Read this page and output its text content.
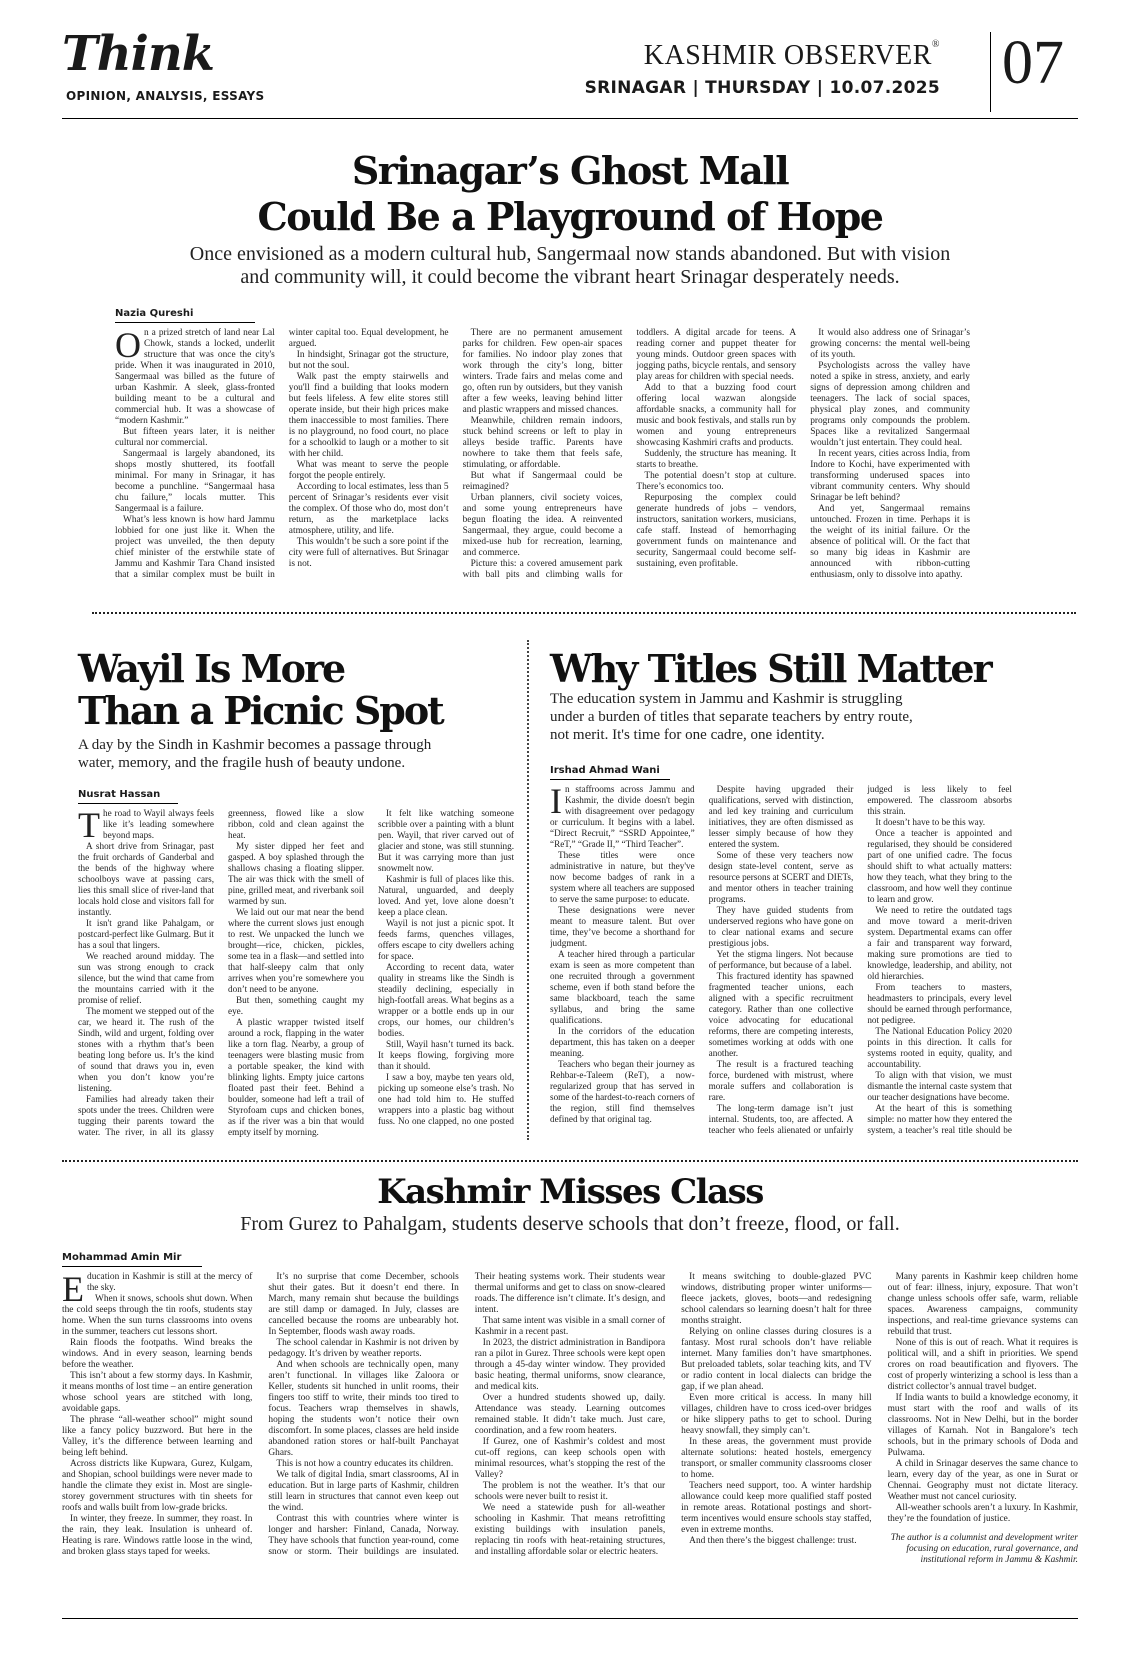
Think
OPINION, ANALYSIS, ESSAYS
KASHMIR OBSERVER®
SRINAGAR | THURSDAY | 10.07.2025 07
Srinagar’s Ghost Mall
Could Be a Playground of Hope
Once envisioned as a modern cultural hub, Sangermaal now stands abandoned. But with vision
and community will, it could become the vibrant heart Srinagar desperately needs.
Nazia Qureshi

On a prized stretch of land near Lal Chowk, stands a locked, underlit structure that was once the city's pride. When it was inaugurated in 2010, Sangermaal was billed as the future of urban Kashmir. A sleek, glass-fronted building meant to be a cultural and commercial hub. It was a showcase of “modern Kashmir.”

But fifteen years later, it is neither cultural nor commercial.

Sangermaal is largely abandoned, its shops mostly shuttered, its footfall minimal. For many in Srinagar, it has become a punchline. “Sangermaal hasa chu failure,” locals mutter. This Sangermaal is a failure.

What’s less known is how hard Jammu lobbied for one just like it. When the project was unveiled, the then deputy chief minister of the erstwhile state of Jammu and Kashmir Tara Chand insisted that a similar complex must be built in winter capital too. Equal development, he argued.

In hindsight, Srinagar got the structure, but not the soul.

Walk past the empty stairwells and you'll find a building that looks modern but feels lifeless. A few elite stores still operate inside, but their high prices make them inaccessible to most families. There is no playground, no food court, no place for a schoolkid to laugh or a mother to sit with her child.

What was meant to serve the people forgot the people entirely.

According to local estimates, less than 5 percent of Srinagar’s residents ever visit the complex. Of those who do, most don’t return, as the marketplace lacks atmosphere, utility, and life.

This wouldn’t be such a sore point if the city were full of alternatives. But Srinagar is not.

There are no permanent amusement parks for children. Few open-air spaces for families. No indoor play zones that work through the city’s long, bitter winters. Trade fairs and melas come and go, often run by outsiders, but they vanish after a few weeks, leaving behind litter and plastic wrappers and missed chances.

Meanwhile, children remain indoors, stuck behind screens or left to play in alleys beside traffic. Parents have nowhere to take them that feels safe, stimulating, or affordable.

But what if Sangermaal could be reimagined?

Urban planners, civil society voices, and some young entrepreneurs have begun floating the idea. A reinvented Sangermaal, they argue, could become a mixed-use hub for recreation, learning, and commerce.

Picture this: a covered amusement park with ball pits and climbing walls for toddlers. A digital arcade for teens. A reading corner and puppet theater for young minds. Outdoor green spaces with jogging paths, bicycle rentals, and sensory play areas for children with special needs.

Add to that a buzzing food court offering local wazwan alongside affordable snacks, a community hall for music and book festivals, and stalls run by women and young entrepreneurs showcasing Kashmiri crafts and products.

Suddenly, the structure has meaning. It starts to breathe.

The potential doesn’t stop at culture. There’s economics too.

Repurposing the complex could generate hundreds of jobs – vendors, instructors, sanitation workers, musicians, cafe staff. Instead of hemorrhaging government funds on maintenance and security, Sangermaal could become self-sustaining, even profitable.

It would also address one of Srinagar’s growing concerns: the mental well-being of its youth.

Psychologists across the valley have noted a spike in stress, anxiety, and early signs of depression among children and teenagers. The lack of social spaces, physical play zones, and community programs only compounds the problem. Spaces like a revitalized Sangermaal wouldn’t just entertain. They could heal.

In recent years, cities across India, from Indore to Kochi, have experimented with transforming underused spaces into vibrant community centers. Why should Srinagar be left behind?

And yet, Sangermaal remains untouched. Frozen in time. Perhaps it is the weight of its initial failure. Or the absence of political will. Or the fact that so many big ideas in Kashmir are announced with ribbon-cutting enthusiasm, only to dissolve into apathy.

Wayil Is More
Than a Picnic Spot
A day by the Sindh in Kashmir becomes a passage through
water, memory, and the fragile hush of beauty undone.
Nusrat Hassan

The road to Wayil always feels like it’s leading somewhere beyond maps.

A short drive from Srinagar, past the fruit orchards of Ganderbal and the bends of the highway where schoolboys wave at passing cars, lies this small slice of river-land that locals hold close and visitors fall for instantly.

It isn't grand like Pahalgam, or postcard-perfect like Gulmarg. But it has a soul that lingers.

We reached around midday. The sun was strong enough to crack silence, but the wind that came from the mountains carried with it the promise of relief.

The moment we stepped out of the car, we heard it. The rush of the Sindh, wild and urgent, folding over stones with a rhythm that’s been beating long before us. It’s the kind of sound that draws you in, even when you don’t know you’re listening.

Families had already taken their spots under the trees. Children were tugging their parents toward the water. The river, in all its glassy greenness, flowed like a slow ribbon, cold and clean against the heat.

My sister dipped her feet and gasped. A boy splashed through the shallows chasing a floating slipper. The air was thick with the smell of pine, grilled meat, and riverbank soil warmed by sun.

We laid out our mat near the bend where the current slows just enough to rest. We unpacked the lunch we brought—rice, chicken, pickles, some tea in a flask—and settled into that half-sleepy calm that only arrives when you’re somewhere you don’t need to be anyone.

But then, something caught my eye.

A plastic wrapper twisted itself around a rock, flapping in the water like a torn flag. Nearby, a group of teenagers were blasting music from a portable speaker, the kind with blinking lights. Empty juice cartons floated past their feet. Behind a boulder, someone had left a trail of Styrofoam cups and chicken bones, as if the river was a bin that would empty itself by morning.

It felt like watching someone scribble over a painting with a blunt pen. Wayil, that river carved out of glacier and stone, was still stunning. But it was carrying more than just snowmelt now.

Kashmir is full of places like this. Natural, unguarded, and deeply loved. And yet, love alone doesn’t keep a place clean.

Wayil is not just a picnic spot. It feeds farms, quenches villages, offers escape to city dwellers aching for space.

According to recent data, water quality in streams like the Sindh is steadily declining, especially in high-footfall areas. What begins as a wrapper or a bottle ends up in our crops, our homes, our children’s bodies.

Still, Wayil hasn’t turned its back. It keeps flowing, forgiving more than it should.

I saw a boy, maybe ten years old, picking up someone else’s trash. No one had told him to. He stuffed wrappers into a plastic bag without fuss. No one clapped, no one posted

Why Titles Still Matter
The education system in Jammu and Kashmir is struggling
under a burden of titles that separate teachers by entry route,
not merit. It's time for one cadre, one identity.
Irshad Ahmad Wani

In staffrooms across Jammu and Kashmir, the divide doesn't begin with disagreement over pedagogy or curriculum. It begins with a label. “Direct Recruit,” “SSRD Appointee,” “ReT,” “Grade II,” “Third Teacher”.

These titles were once administrative in nature, but they've now become badges of rank in a system where all teachers are supposed to serve the same purpose: to educate.

These designations were never meant to measure talent. But over time, they’ve become a shorthand for judgment.

A teacher hired through a particular exam is seen as more competent than one recruited through a government scheme, even if both stand before the same blackboard, teach the same syllabus, and bring the same qualifications.

In the corridors of the education department, this has taken on a deeper meaning.

Teachers who began their journey as Rehbar-e-Taleem (ReT), a now-regularized group that has served in some of the hardest-to-reach corners of the region, still find themselves defined by that original tag.

Despite having upgraded their qualifications, served with distinction, and led key training and curriculum initiatives, they are often dismissed as lesser simply because of how they entered the system.

Some of these very teachers now design state-level content, serve as resource persons at SCERT and DIETs, and mentor others in teacher training programs.

They have guided students from underserved regions who have gone on to clear national exams and secure prestigious jobs.

Yet the stigma lingers. Not because of performance, but because of a label.

This fractured identity has spawned fragmented teacher unions, each aligned with a specific recruitment category. Rather than one collective voice advocating for educational reforms, there are competing interests, sometimes working at odds with one another.

The result is a fractured teaching force, burdened with mistrust, where morale suffers and collaboration is rare.

The long-term damage isn’t just internal. Students, too, are affected. A teacher who feels alienated or unfairly judged is less likely to feel empowered. The classroom absorbs this strain.

It doesn’t have to be this way.

Once a teacher is appointed and regularised, they should be considered part of one unified cadre. The focus should shift to what actually matters: how they teach, what they bring to the classroom, and how well they continue to learn and grow.

We need to retire the outdated tags and move toward a merit-driven system. Departmental exams can offer a fair and transparent way forward, making sure promotions are tied to knowledge, leadership, and ability, not old hierarchies.

From teachers to masters, headmasters to principals, every level should be earned through performance, not pedigree.

The National Education Policy 2020 points in this direction. It calls for systems rooted in equity, quality, and accountability.

To align with that vision, we must dismantle the internal caste system that our teacher designations have become.

At the heart of this is something simple: no matter how they entered the system, a teacher’s real title should be

Kashmir Misses Class
From Gurez to Pahalgam, students deserve schools that don’t freeze, flood, or fall.
Mohammad Amin Mir

Education in Kashmir is still at the mercy of the sky.

When it snows, schools shut down. When the cold seeps through the tin roofs, students stay home. When the sun turns classrooms into ovens in the summer, teachers cut lessons short.

Rain floods the footpaths. Wind breaks the windows. And in every season, learning bends before the weather.

This isn’t about a few stormy days. In Kashmir, it means months of lost time – an entire generation whose school years are stitched with long, avoidable gaps.

The phrase “all-weather school” might sound like a fancy policy buzzword. But here in the Valley, it’s the difference between learning and being left behind.

Across districts like Kupwara, Gurez, Kulgam, and Shopian, school buildings were never made to handle the climate they exist in. Most are single-storey government structures with tin sheets for roofs and walls built from low-grade bricks.

In winter, they freeze. In summer, they roast. In the rain, they leak. Insulation is unheard of. Heating is rare. Windows rattle loose in the wind, and broken glass stays taped for weeks.

It’s no surprise that come December, schools shut their gates. But it doesn’t end there. In March, many remain shut because the buildings are still damp or damaged. In July, classes are cancelled because the rooms are unbearably hot. In September, floods wash away roads.

The school calendar in Kashmir is not driven by pedagogy. It’s driven by weather reports.

And when schools are technically open, many aren’t functional. In villages like Zaloora or Keller, students sit hunched in unlit rooms, their fingers too stiff to write, their minds too tired to focus. Teachers wrap themselves in shawls, hoping the students won’t notice their own discomfort. In some places, classes are held inside abandoned ration stores or half-built Panchayat Ghars.

This is not how a country educates its children.

We talk of digital India, smart classrooms, AI in education. But in large parts of Kashmir, children still learn in structures that cannot even keep out the wind.

Contrast this with countries where winter is longer and harsher: Finland, Canada, Norway. They have schools that function year-round, come snow or storm. Their buildings are insulated. Their heating systems work. Their students wear thermal uniforms and get to class on snow-cleared roads. The difference isn’t climate. It’s design, and intent.

That same intent was visible in a small corner of Kashmir in a recent past.

In 2023, the district administration in Bandipora ran a pilot in Gurez. Three schools were kept open through a 45-day winter window. They provided basic heating, thermal uniforms, snow clearance, and medical kits.

Over a hundred students showed up, daily. Attendance was steady. Learning outcomes remained stable. It didn’t take much. Just care, coordination, and a few room heaters.

If Gurez, one of Kashmir’s coldest and most cut-off regions, can keep schools open with minimal resources, what’s stopping the rest of the Valley?

The problem is not the weather. It’s that our schools were never built to resist it.

We need a statewide push for all-weather schooling in Kashmir. That means retrofitting existing buildings with insulation panels, replacing tin roofs with heat-retaining structures, and installing affordable solar or electric heaters.

It means switching to double-glazed PVC windows, distributing proper winter uniforms—fleece jackets, gloves, boots—and redesigning school calendars so learning doesn’t halt for three months straight.

Relying on online classes during closures is a fantasy. Most rural schools don’t have reliable internet. Many families don’t have smartphones. But preloaded tablets, solar teaching kits, and TV or radio content in local dialects can bridge the gap, if we plan ahead.

Even more critical is access. In many hill villages, children have to cross iced-over bridges or hike slippery paths to get to school. During heavy snowfall, they simply can’t.

In these areas, the government must provide alternate solutions: heated hostels, emergency transport, or smaller community classrooms closer to home.

Teachers need support, too. A winter hardship allowance could keep more qualified staff posted in remote areas. Rotational postings and short-term incentives would ensure schools stay staffed, even in extreme months.

And then there’s the biggest challenge: trust.

Many parents in Kashmir keep children home out of fear: illness, injury, exposure. That won’t change unless schools offer safe, warm, reliable spaces. Awareness campaigns, community inspections, and real-time grievance systems can rebuild that trust.

None of this is out of reach. What it requires is political will, and a shift in priorities. We spend crores on road beautification and flyovers. The cost of properly winterizing a school is less than a district collector’s annual travel budget.

If India wants to build a knowledge economy, it must start with the roof and walls of its classrooms. Not in New Delhi, but in the border villages of Karnah. Not in Bangalore’s tech schools, but in the primary schools of Doda and Pulwama.

A child in Srinagar deserves the same chance to learn, every day of the year, as one in Surat or Chennai. Geography must not dictate literacy. Weather must not cancel curiosity.

All-weather schools aren’t a luxury. In Kashmir, they’re the foundation of justice.

The author is a columnist and development writer focusing on education, rural governance, and institutional reform in Jammu & Kashmir.
